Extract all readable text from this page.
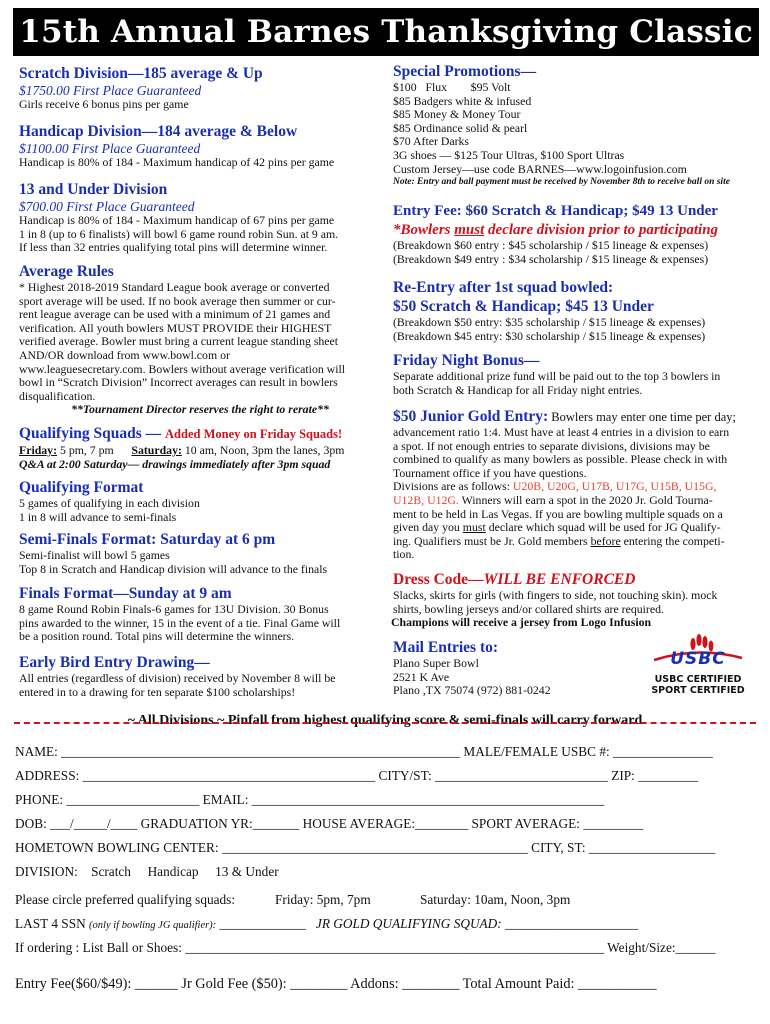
15th Annual Barnes Thanksgiving Classic
Scratch Division—185 average & Up
$1750.00 First Place Guaranteed
Girls receive 6 bonus pins per game
Handicap Division—184 average & Below
$1100.00 First Place Guaranteed
Handicap is 80% of 184 - Maximum handicap of 42 pins per game
13 and Under Division
$700.00 First Place Guaranteed
Handicap is 80% of 184 - Maximum handicap of 67 pins per game
1 in 8 (up to 6 finalists) will bowl 6 game round robin Sun. at 9 am.
If less than 32 entries qualifying total pins will determine winner.
Average Rules
* Highest 2018-2019 Standard League book average or converted
sport average will be used. If no book average then summer or cur-
rent league average can be used with a minimum of 21 games and
verification. All youth bowlers MUST PROVIDE their HIGHEST
verified average. Bowler must bring a current league standing sheet
AND/OR download from www.bowl.com or
www.leaguesecretary.com. Bowlers without average verification will
bowl in “Scratch Division” Incorrect averages can result in bowlers
disqualification.
**Tournament Director reserves the right to rerate**
Qualifying Squads — Added Money on Friday Squads!
Friday: 5 pm, 7 pm Saturday: 10 am, Noon, 3pm the lanes, 3pm
Q&A at 2:00 Saturday— drawings immediately after 3pm squad
Qualifying Format
5 games of qualifying in each division
1 in 8 will advance to semi-finals
Semi-Finals Format: Saturday at 6 pm
Semi-finalist will bowl 5 games
Top 8 in Scratch and Handicap division will advance to the finals
Finals Format—Sunday at 9 am
8 game Round Robin Finals-6 games for 13U Division. 30 Bonus
pins awarded to the winner, 15 in the event of a tie. Final Game will
be a position round. Total pins will determine the winners.
Early Bird Entry Drawing—
All entries (regardless of division) received by November 8 will be
entered in to a drawing for ten separate $100 scholarships!
Special Promotions—
$100   Flux        $95 Volt
$85 Badgers white & infused
$85 Money & Money Tour
$85 Ordinance solid & pearl
$70 After Darks
3G shoes — $125 Tour Ultras, $100 Sport Ultras
Custom Jersey—use code BARNES—www.logoinfusion.com
Note: Entry and ball payment must be received by November 8th to receive ball on site
Entry Fee: $60 Scratch & Handicap; $49 13 Under
*Bowlers must declare division prior to participating
(Breakdown $60 entry : $45 scholarship / $15 lineage & expenses)
(Breakdown $49 entry : $34 scholarship / $15 lineage & expenses)
Re-Entry after 1st squad bowled:
$50 Scratch & Handicap; $45 13 Under
(Breakdown $50 entry: $35 scholarship / $15 lineage & expenses)
(Breakdown $45 entry: $30 scholarship / $15 lineage & expenses)
Friday Night Bonus—
Separate additional prize fund will be paid out to the top 3 bowlers in
both Scratch & Handicap for all Friday night entries.
$50 Junior Gold Entry: Bowlers may enter one time per day;
advancement ratio 1:4. Must have at least 4 entries in a division to earn
a spot. If not enough entries to separate divisions, divisions may be
combined to qualify as many bowlers as possible. Please check in with
Tournament office if you have questions.
Divisions are as follows: U20B, U20G, U17B, U17G, U15B, U15G,
U12B, U12G. Winners will earn a spot in the 2020 Jr. Gold Tourna-
ment to be held in Las Vegas. If you are bowling multiple squads on a
given day you must declare which squad will be used for JG Qualify-
ing. Qualifiers must be Jr. Gold members before entering the competi-
tion.
Dress Code—WILL BE ENFORCED
Slacks, skirts for girls (with fingers to side, not touching skin). mock
shirts, bowling jerseys and/or collared shirts are required.
Champions will receive a jersey from Logo Infusion
Mail Entries to:
Plano Super Bowl
2521 K Ave
Plano ,TX 75074 (972) 881-0242
USBC
USBC CERTIFIED
SPORT CERTIFIED
~ All Divisions ~ Pinfall from highest qualifying score & semi-finals will carry forward
NAME: ____________________________________________________________ MALE/FEMALE USBC #: _______________
ADDRESS: ____________________________________________ CITY/ST: __________________________ ZIP: _________
PHONE: ____________________ EMAIL: _____________________________________________________
DOB: ___/_____/____ GRADUATION YR:_______ HOUSE AVERAGE:________ SPORT AVERAGE: _________
HOMETOWN BOWLING CENTER: ______________________________________________ CITY, ST: ___________________
DIVISION:    Scratch     Handicap     13 & Under
Please circle preferred qualifying squads:	Friday: 5pm, 7pm	Saturday: 10am, Noon, 3pm
LAST 4 SSN (only if bowling JG qualifier): _____________   JR GOLD QUALIFYING SQUAD: ____________________
If ordering : List Ball or Shoes: _______________________________________________________________ Weight/Size:______
Entry Fee($60/$49): ______ Jr Gold Fee ($50): ________ Addons: ________ Total Amount Paid: ___________
